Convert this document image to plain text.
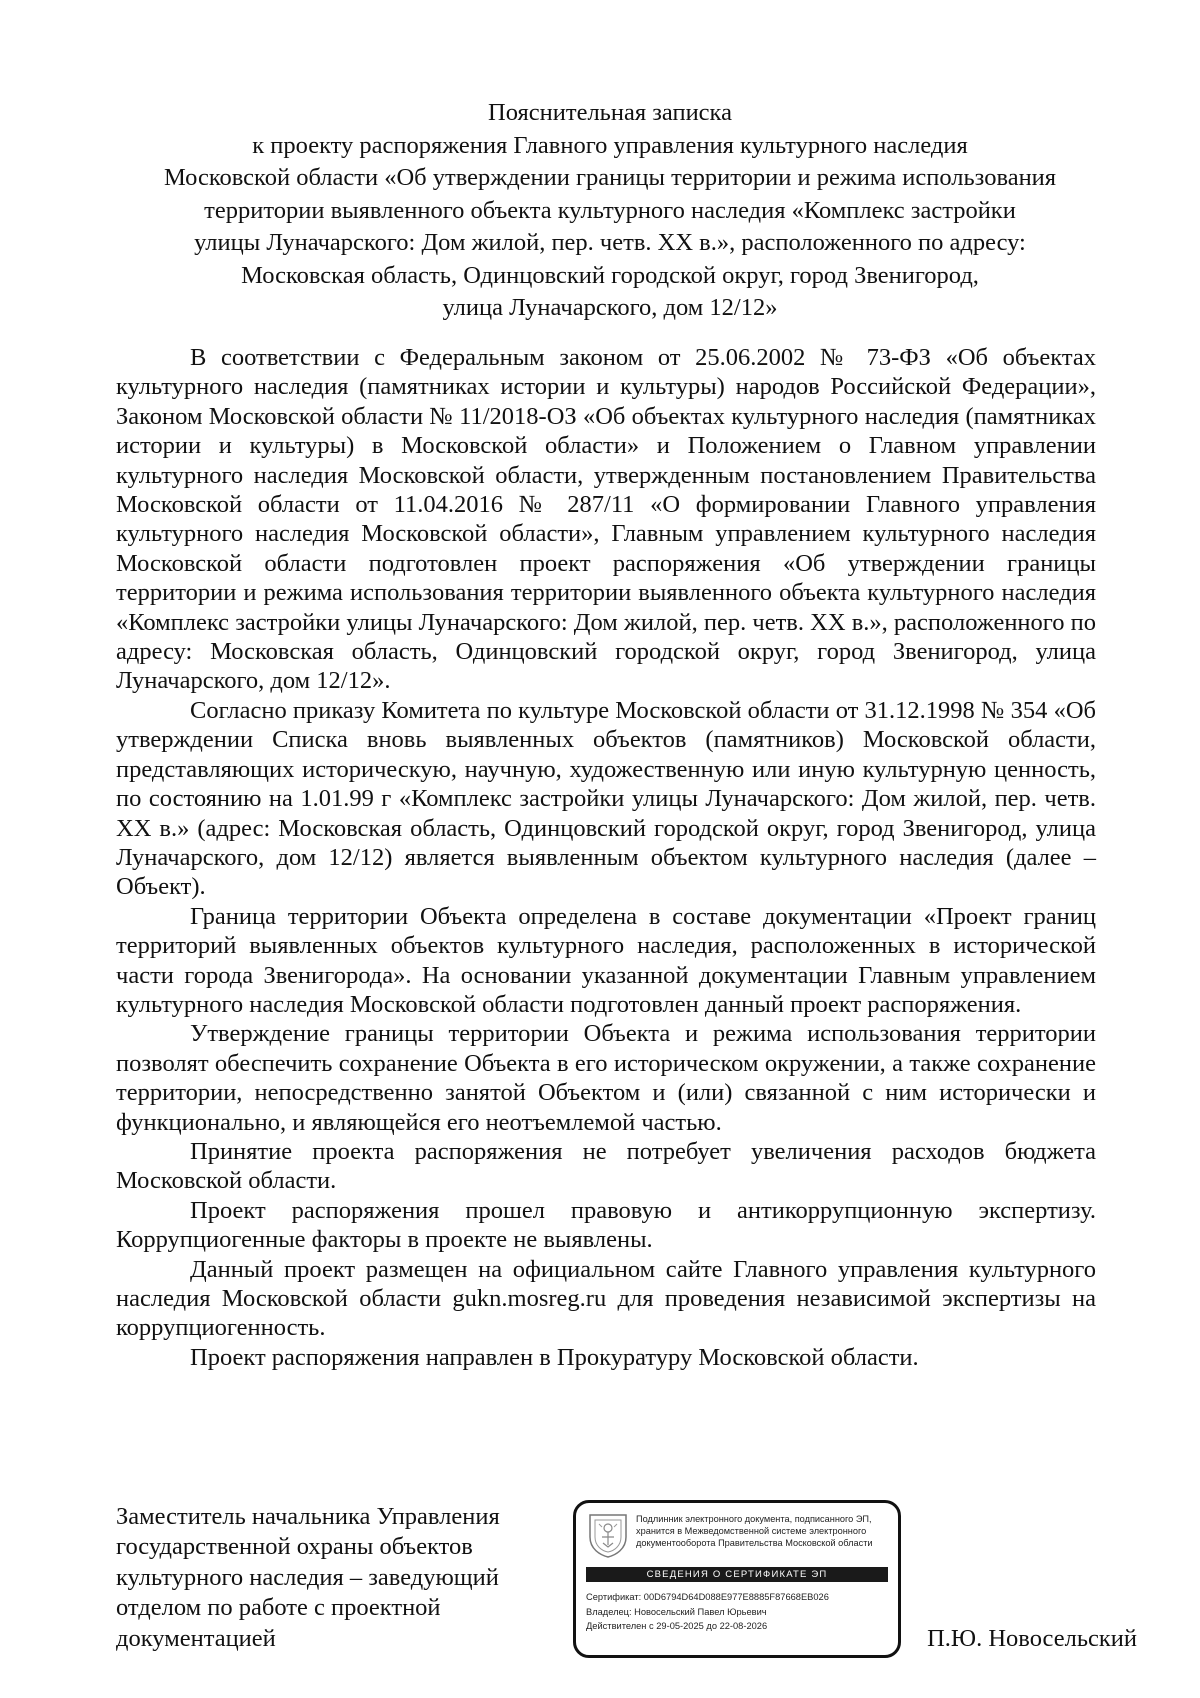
Пояснительная записка
к проекту распоряжения Главного управления культурного наследия
Московской области «Об утверждении границы территории и режима использования
территории выявленного объекта культурного наследия «Комплекс застройки
улицы Луначарского: Дом жилой, пер. четв. XX в.», расположенного по адресу:
Московская область, Одинцовский городской округ, город Звенигород,
улица Луначарского, дом 12/12»

В соответствии с Федеральным законом от 25.06.2002 № 73-ФЗ «Об объектах культурного наследия (памятниках истории и культуры) народов Российской Федерации», Законом Московской области № 11/2018-ОЗ «Об объектах культурного наследия (памятниках истории и культуры) в Московской области» и Положением о Главном управлении культурного наследия Московской области, утвержденным постановлением Правительства Московской области от 11.04.2016 № 287/11 «О формировании Главного управления культурного наследия Московской области», Главным управлением культурного наследия Московской области подготовлен проект распоряжения «Об утверждении границы территории и режима использования территории выявленного объекта культурного наследия «Комплекс застройки улицы Луначарского: Дом жилой, пер. четв. XX в.», расположенного по адресу: Московская область, Одинцовский городской округ, город Звенигород, улица Луначарского, дом 12/12».

Согласно приказу Комитета по культуре Московской области от 31.12.1998 № 354 «Об утверждении Списка вновь выявленных объектов (памятников) Московской области, представляющих историческую, научную, художественную или иную культурную ценность, по состоянию на 1.01.99 г «Комплекс застройки улицы Луначарского: Дом жилой, пер. четв. XX в.» (адрес: Московская область, Одинцовский городской округ, город Звенигород, улица Луначарского, дом 12/12) является выявленным объектом культурного наследия (далее – Объект).

Граница территории Объекта определена в составе документации «Проект границ территорий выявленных объектов культурного наследия, расположенных в исторической части города Звенигорода». На основании указанной документации Главным управлением культурного наследия Московской области подготовлен данный проект распоряжения.

Утверждение границы территории Объекта и режима использования территории позволят обеспечить сохранение Объекта в его историческом окружении, а также сохранение территории, непосредственно занятой Объектом и (или) связанной с ним исторически и функционально, и являющейся его неотъемлемой частью.

Принятие проекта распоряжения не потребует увеличения расходов бюджета Московской области.

Проект распоряжения прошел правовую и антикоррупционную экспертизу. Коррупциогенные факторы в проекте не выявлены.

Данный проект размещен на официальном сайте Главного управления культурного наследия Московской области gukn.mosreg.ru для проведения независимой экспертизы на коррупциогенность.

Проект распоряжения направлен в Прокуратуру Московской области.

Заместитель начальника Управления
государственной охраны объектов
культурного наследия – заведующий
отделом по работе с проектной
документацией
Подлинник электронного документа, подписанного ЭП,
хранится в Межведомственной системе электронного
документооборота Правительства Московской области
СВЕДЕНИЯ О СЕРТИФИКАТЕ ЭП
Сертификат: 00D6794D64D088E977E8885F87668EB026
Владелец: Новосельский Павел Юрьевич
Действителен с 29-05-2025 до 22-08-2026	П.Ю. Новосельский
